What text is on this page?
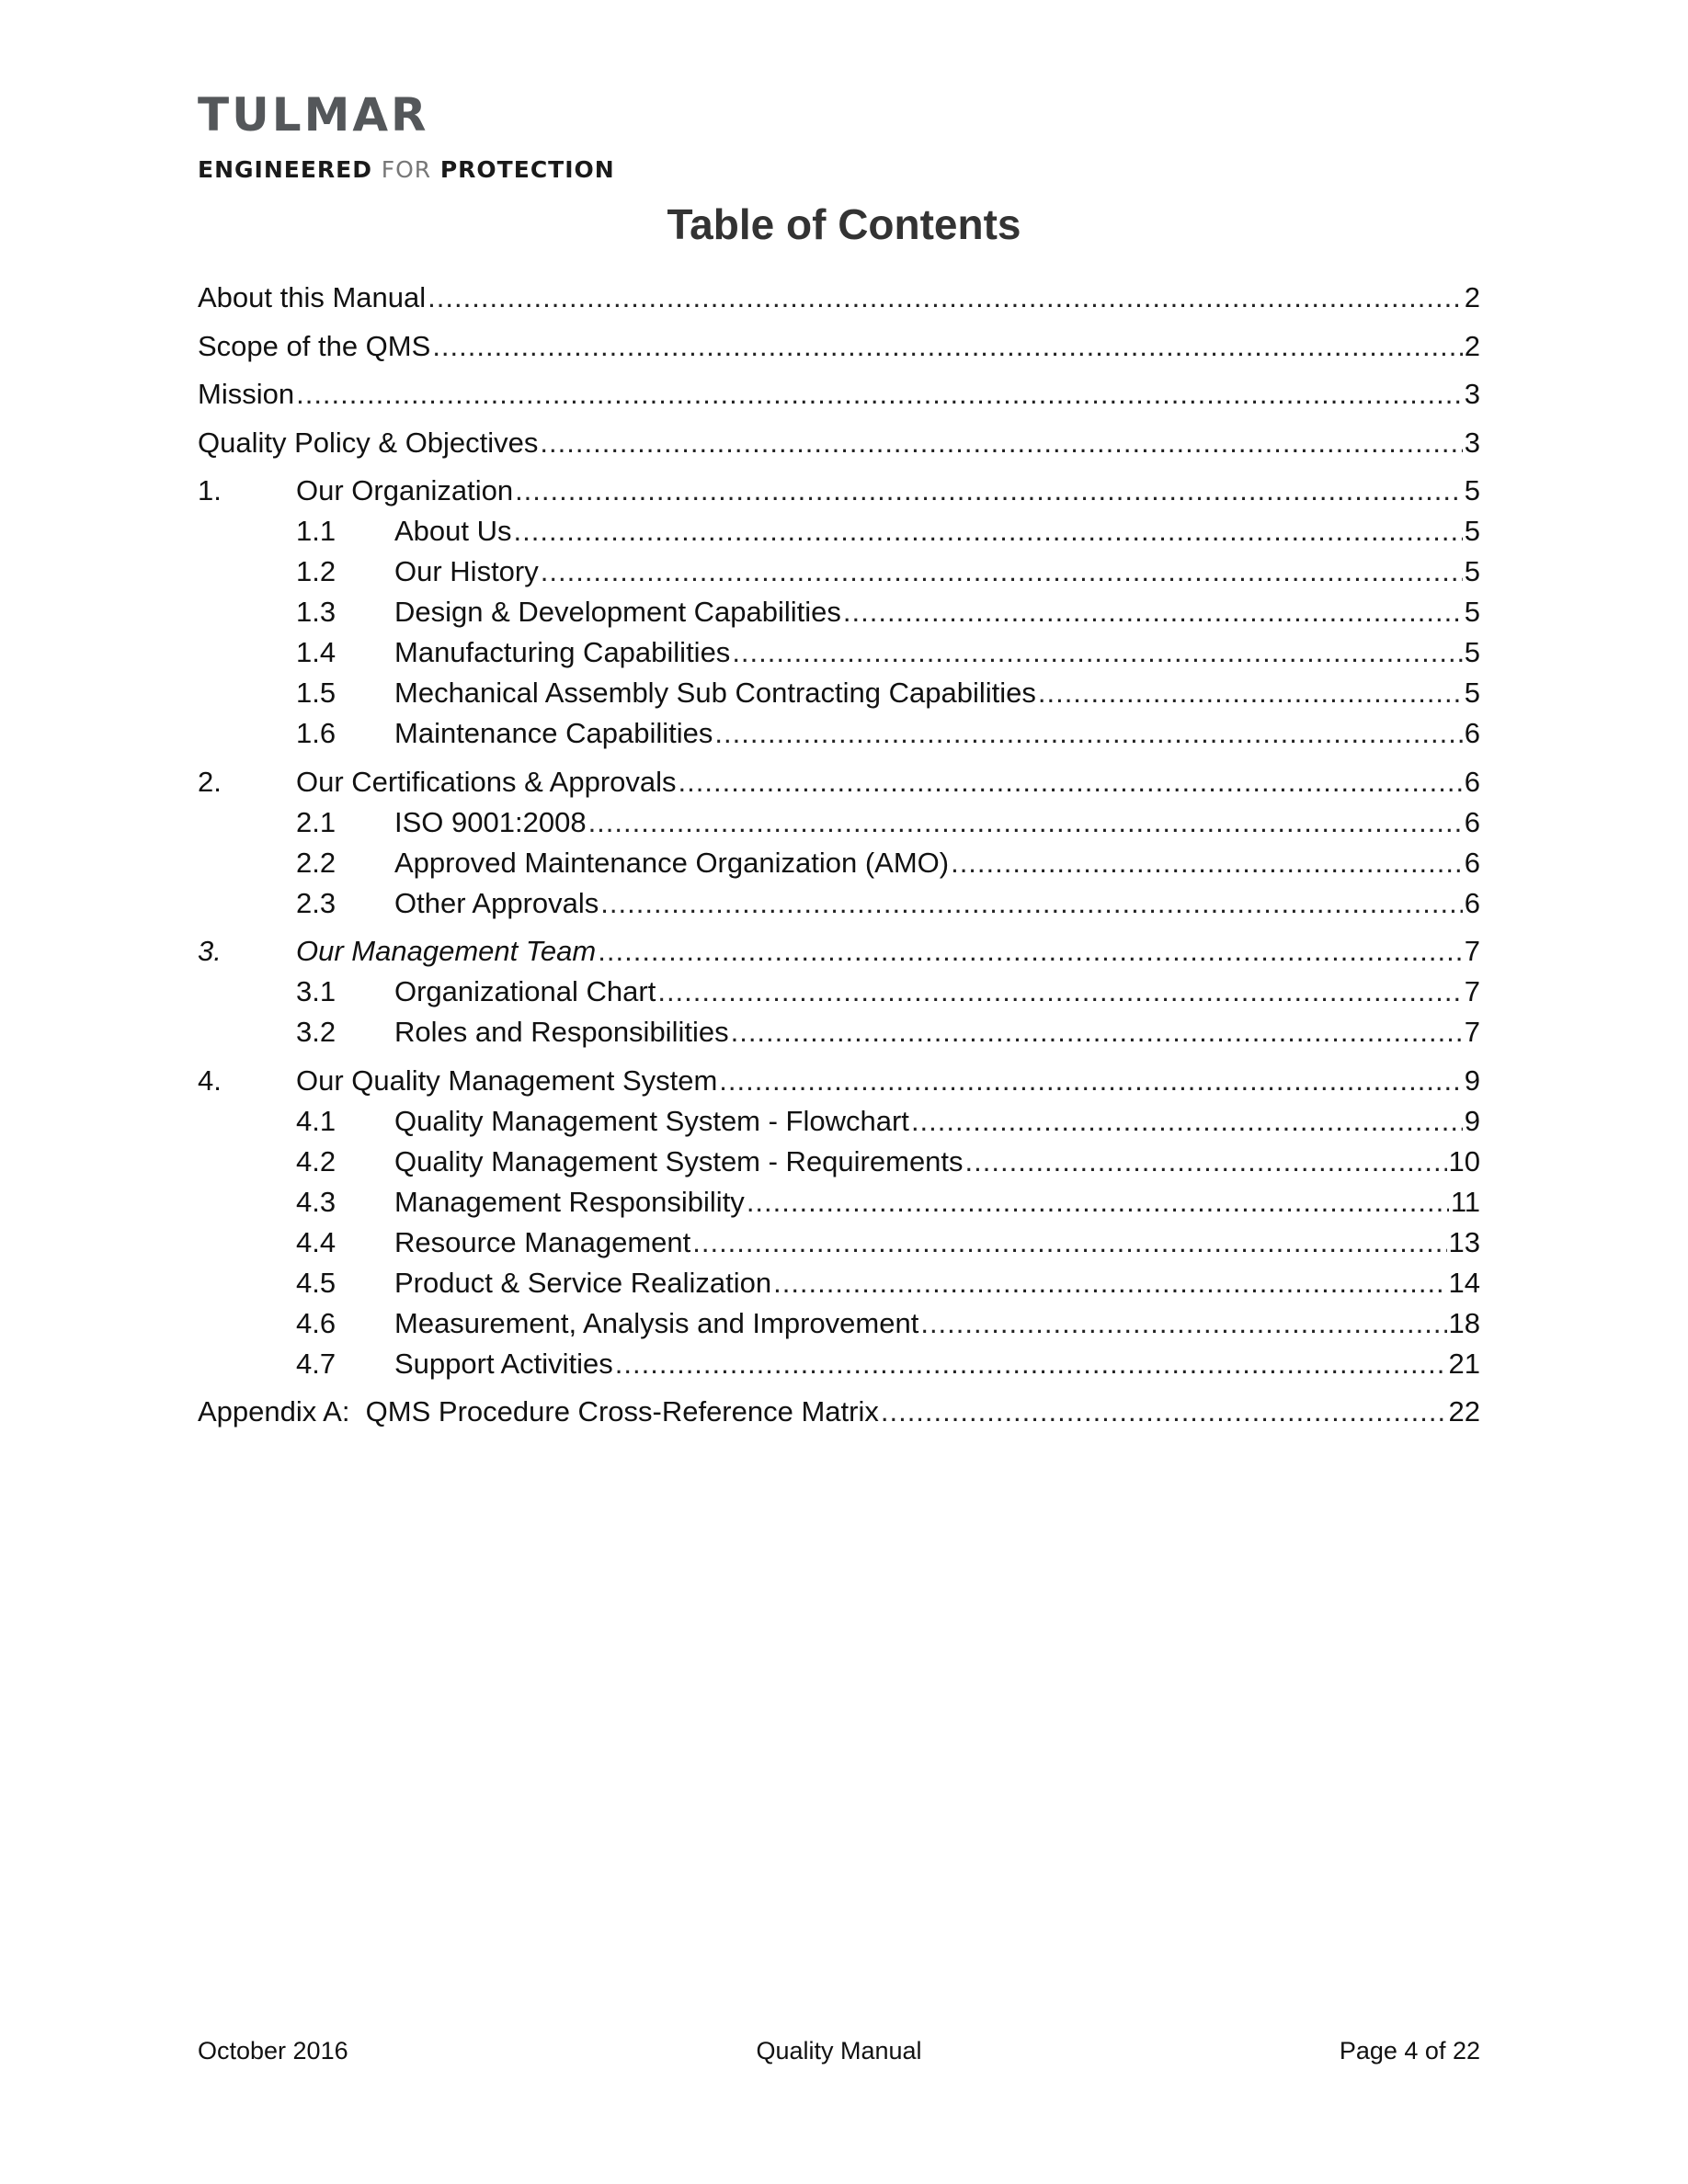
TULMAR
ENGINEERED FOR PROTECTION
Table of Contents
About this Manual .....	2
Scope of the QMS .....	2
Mission .....	3
Quality Policy & Objectives .....	3
1.	Our Organization .....	5
1.1	About Us .....	5
1.2	Our History .....	5
1.3	Design & Development Capabilities .....	5
1.4	Manufacturing Capabilities .....	5
1.5	Mechanical Assembly Sub Contracting Capabilities .....	5
1.6	Maintenance Capabilities .....	6
2.	Our Certifications & Approvals .....	6
2.1	ISO 9001:2008 .....	6
2.2	Approved Maintenance Organization (AMO) .....	6
2.3	Other Approvals .....	6
3.	Our Management Team .....	7
3.1	Organizational Chart .....	7
3.2	Roles and Responsibilities .....	7
4.	Our Quality Management System .....	9
4.1	Quality Management System - Flowchart .....	9
4.2	Quality Management System - Requirements .....	10
4.3	Management Responsibility .....	11
4.4	Resource Management .....	13
4.5	Product & Service Realization .....	14
4.6	Measurement, Analysis and Improvement .....	18
4.7	Support Activities .....	21
Appendix A:  QMS Procedure Cross-Reference Matrix .....	22
October 2016	Quality Manual	Page 4 of 22
